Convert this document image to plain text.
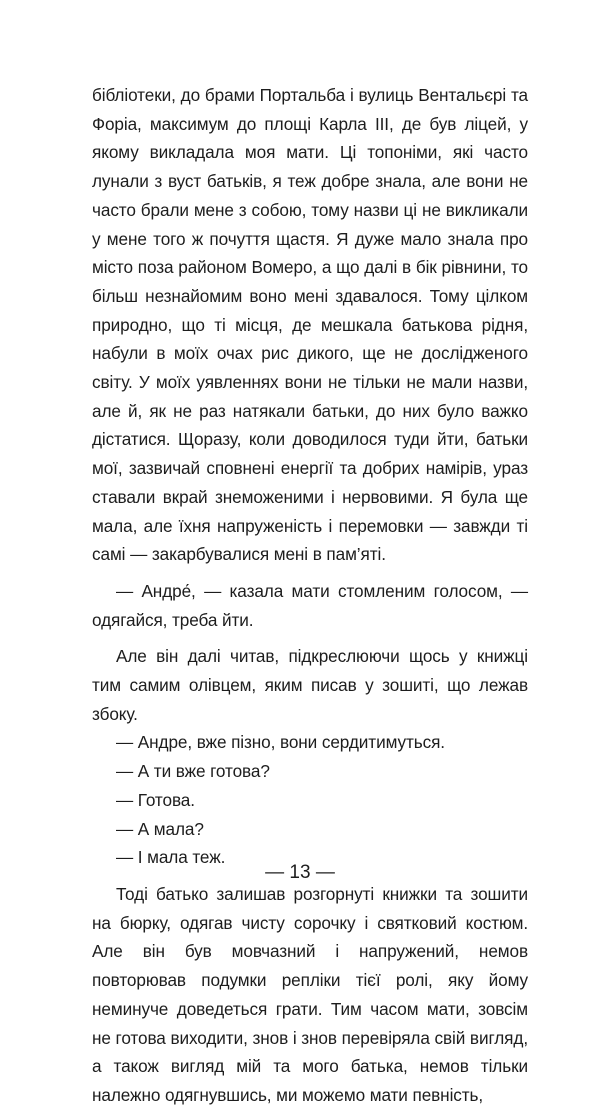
бібліотеки, до брами Портальба і вулиць Вентальєрі та Форіа, максимум до площі Карла III, де був ліцей, у якому викладала моя мати. Ці топоніми, які часто лунали з вуст батьків, я теж добре знала, але вони не часто брали мене з собою, тому назви ці не викликали у мене того ж почуття щастя. Я дуже мало знала про місто поза районом Вомеро, а що далі в бік рівнини, то більш незнайомим воно мені здавалося. Тому цілком природно, що ті місця, де мешкала батькова рідня, набули в моїх очах рис дикого, ще не дослідженого світу. У моїх уявленнях вони не тільки не мали назви, але й, як не раз натякали батьки, до них було важко дістатися. Щоразу, коли доводилося туди йти, батьки мої, зазвичай сповнені енергії та добрих намірів, ураз ставали вкрай знеможеними і нервовими. Я була ще мала, але їхня напруженість і перемовки — завжди ті самі — закарбувалися мені в пам’яті.

— Андре́, — казала мати стомленим голосом, — одягайся, треба йти.

Але він далі читав, підкреслюючи щось у книжці тим самим олівцем, яким писав у зошиті, що лежав збоку.

— Андре, вже пізно, вони сердитимуться.

— А ти вже готова?

— Готова.

— А мала?

— І мала теж.

Тоді батько залишав розгорнуті книжки та зошити на бюрку, одягав чисту сорочку і святковий костюм. Але він був мовчазний і напружений, немов повторював подумки репліки тієї ролі, яку йому неминуче доведеться грати. Тим часом мати, зовсім не готова виходити, знов і знов перевіряла свій вигляд, а також вигляд мій та мого батька, немов тільки належно одягнувшись, ми можемо мати певність,

— 13 —
